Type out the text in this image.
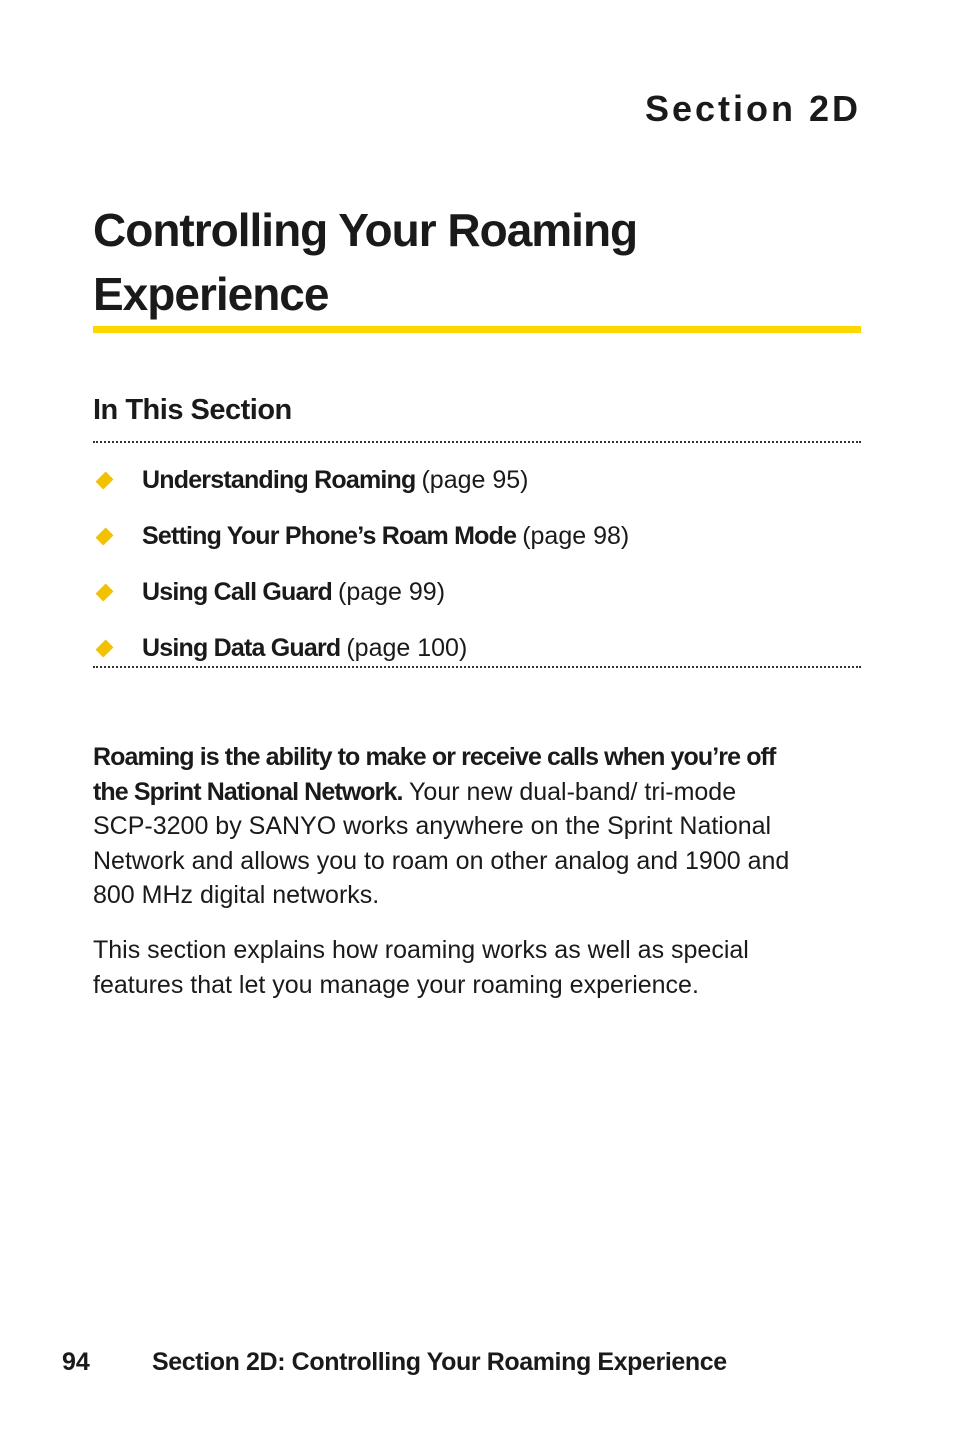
Section 2D
Controlling Your Roaming
Experience
In This Section
Understanding Roaming (page 95)
Setting Your Phone’s Roam Mode (page 98)
Using Call Guard (page 99)
Using Data Guard (page 100)

Roaming is the ability to make or receive calls when you’re off the Sprint National Network. Your new dual-band/ tri-mode SCP-3200 by SANYO works anywhere on the Sprint National Network and allows you to roam on other analog and 1900 and 800 MHz digital networks.

This section explains how roaming works as well as special features that let you manage your roaming experience.

94 Section 2D: Controlling Your Roaming Experience
